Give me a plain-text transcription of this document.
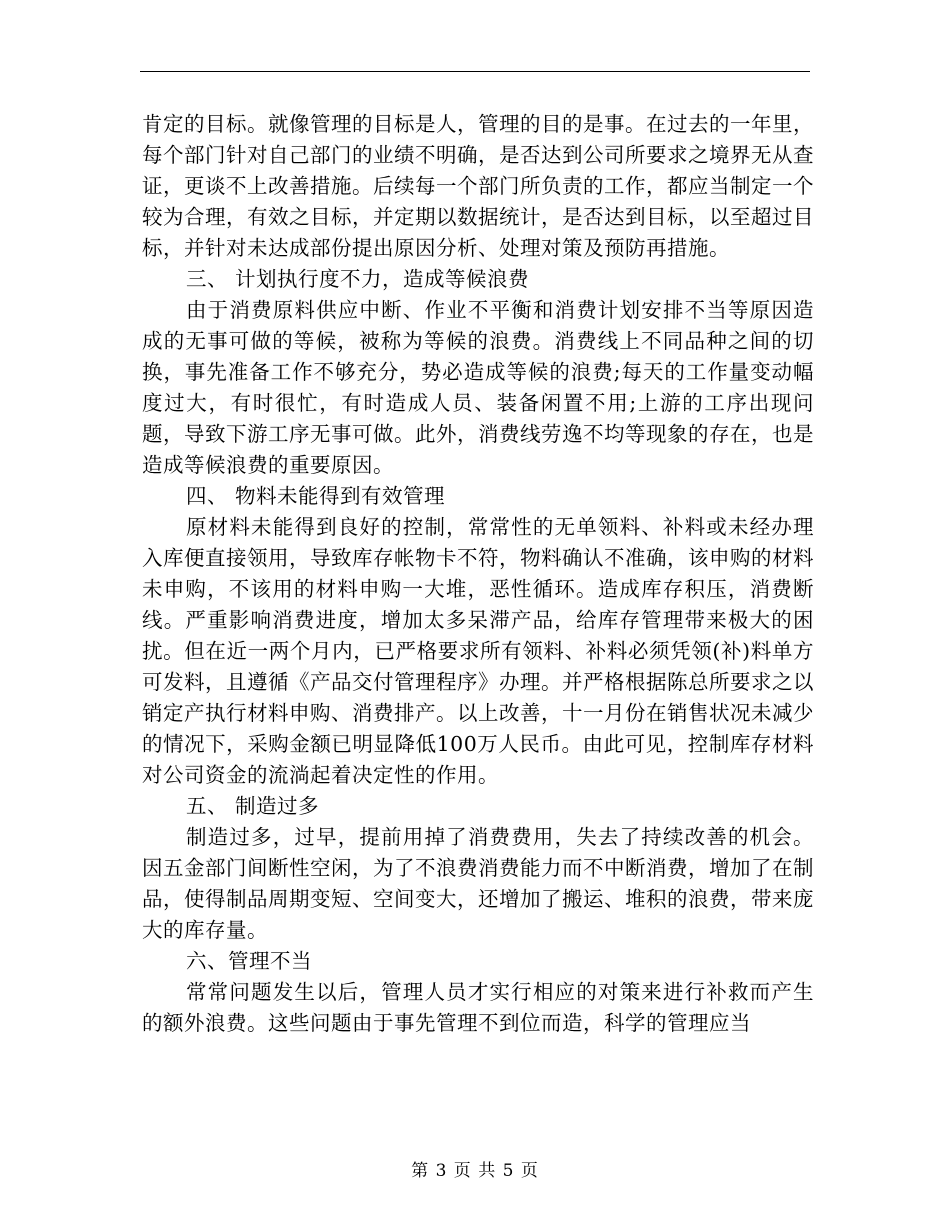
肯定的目标。就像管理的目标是人，管理的目的是事。在过去的一年里，每个部门针对自己部门的业绩不明确，是否达到公司所要求之境界无从查证，更谈不上改善措施。后续每一个部门所负责的工作，都应当制定一个较为合理，有效之目标，并定期以数据统计，是否达到目标，以至超过目标，并针对未达成部份提出原因分析、处理对策及预防再措施。

三、 计划执行度不力，造成等候浪费

由于消费原料供应中断、作业不平衡和消费计划安排不当等原因造成的无事可做的等候，被称为等候的浪费。消费线上不同品种之间的切换，事先准备工作不够充分，势必造成等候的浪费;每天的工作量变动幅度过大，有时很忙，有时造成人员、装备闲置不用;上游的工序出现问题，导致下游工序无事可做。此外，消费线劳逸不均等现象的存在，也是造成等候浪费的重要原因。

四、 物料未能得到有效管理

原材料未能得到良好的控制，常常性的无单领料、补料或未经办理入库便直接领用，导致库存帐物卡不符，物料确认不准确，该申购的材料未申购，不该用的材料申购一大堆，恶性循环。造成库存积压，消费断线。严重影响消费进度，增加太多呆滞产品，给库存管理带来极大的困扰。但在近一两个月内，已严格要求所有领料、补料必须凭领(补)料单方可发料，且遵循《产品交付管理程序》办理。并严格根据陈总所要求之以销定产执行材料申购、消费排产。以上改善，十一月份在销售状况未减少的情况下，采购金额已明显降低100万人民币。由此可见，控制库存材料对公司资金的流淌起着决定性的作用。

五、 制造过多

制造过多，过早，提前用掉了消费费用，失去了持续改善的机会。因五金部门间断性空闲，为了不浪费消费能力而不中断消费，增加了在制品，使得制品周期变短、空间变大，还增加了搬运、堆积的浪费，带来庞大的库存量。

六、管理不当

常常问题发生以后，管理人员才实行相应的对策来进行补救而产生的额外浪费。这些问题由于事先管理不到位而造，科学的管理应当

第 3 页 共 5 页
